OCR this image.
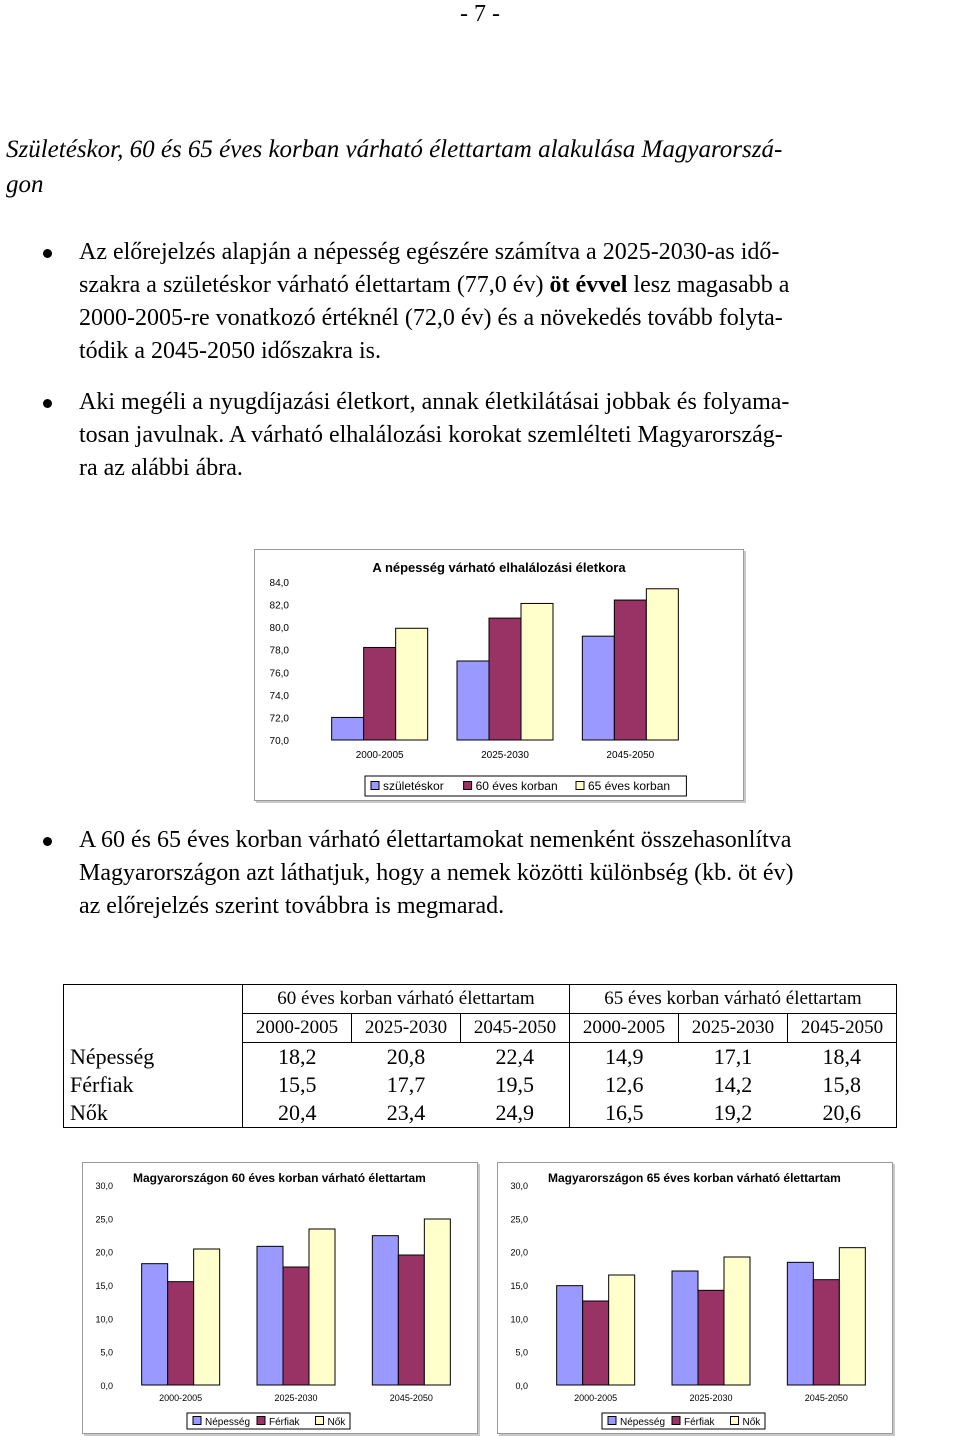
- 7 -
Születéskor, 60 és 65 éves korban várható élettartam alakulása Magyarorszá-
gon
Az előrejelzés alapján a népesség egészére számítva a 2025-2030-as idő-
szakra a születéskor várható élettartam (77,0 év) öt évvel lesz magasabb a
2000-2005-re vonatkozó értéknél (72,0 év) és a növekedés tovább folyta-
tódik a 2045-2050 időszakra is.
Aki megéli a nyugdíjazási életkort, annak életkilátásai jobbak és folyama-
tosan javulnak. A várható elhalálozási korokat szemlélteti Magyarország-
ra az alábbi ábra.
A 60 és 65 éves korban várható élettartamokat nemenként összehasonlítva
Magyarországon azt láthatjuk, hogy a nemek közötti különbség (kb. öt év)
az előrejelzés szerint továbbra is megmarad.
A népesség várható elhalálozási életkora
70,0
72,0
74,0
76,0
78,0
80,0
82,0
84,0
2000-2005	2025-2030	2045-2050
születéskor	60 éves korban	65 éves korban
	60 éves korban várható élettartam			65 éves korban várható élettartam		
	2000-2005	2025-2030	2045-2050	2000-2005	2025-2030	2045-2050
Népesség	18,2	20,8	22,4	14,9	17,1	18,4
Férfiak	15,5	17,7	19,5	12,6	14,2	15,8
Nők	20,4	23,4	24,9	16,5	19,2	20,6
Magyarországon 60 éves korban várható élettartam
0,0
5,0
10,0
15,0
20,0
25,0
30,0
2000-2005	2025-2030	2045-2050
Népesség Férfiak	Nők
Magyarországon 65 éves korban várható élettartam
0,0
5,0
10,0
15,0
20,0
25,0
30,0
2000-2005	2025-2030	2045-2050
Népesség Férfiak	Nők
